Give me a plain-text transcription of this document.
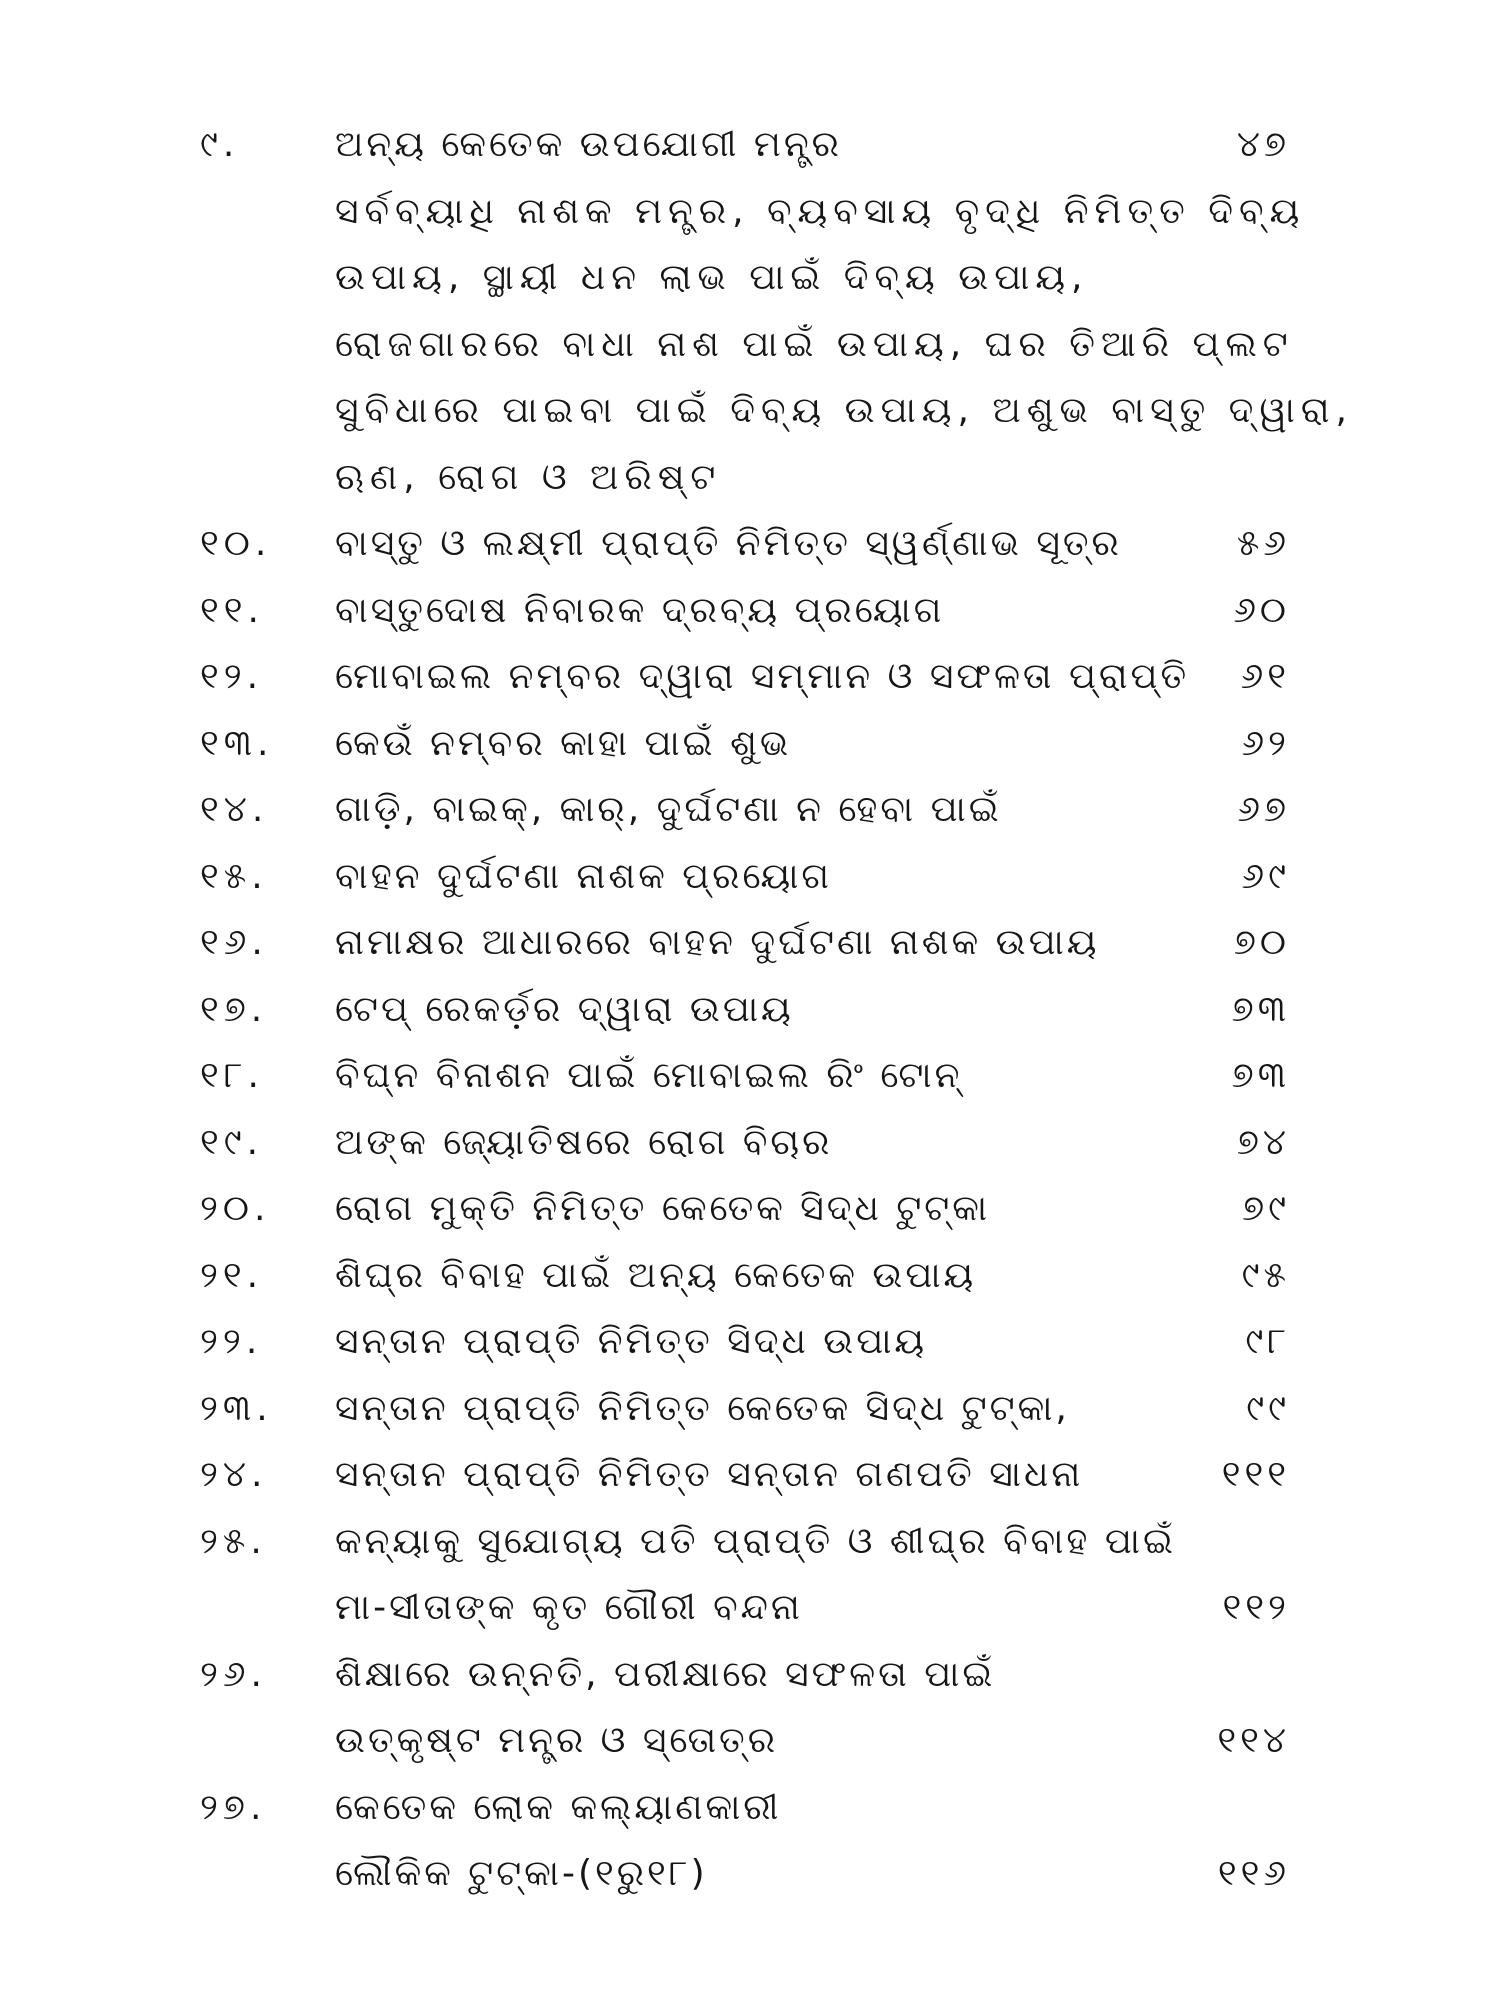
୯.	ଅନ୍ୟ କେତେକ ଉପଯୋଗୀ ମନ୍ତ୍ର	୪୭
ସର୍ବବ୍ୟାଧି ନାଶକ ମନ୍ତ୍ର, ବ୍ୟବସାୟ ବୃଦ୍ଧି ନିମିତ୍ତ ଦିବ୍ୟ
ଉପାୟ, ସ୍ଥାୟୀ ଧନ ଲାଭ ପାଇଁ ଦିବ୍ୟ ଉପାୟ,
ରୋଜଗାରରେ ବାଧା ନାଶ ପାଇଁ ଉପାୟ, ଘର ତିଆରି ପ୍ଲଟ
ସୁବିଧାରେ ପାଇବା ପାଇଁ ଦିବ୍ୟ ଉପାୟ, ଅଶୁଭ ବାସ୍ତୁ ଦ୍ୱାରା,
ଋଣ, ରୋଗ ଓ ଅରିଷ୍ଟ
୧୦. ବାସ୍ତୁ ଓ ଲକ୍ଷ୍ମୀ ପ୍ରାପ୍ତି ନିମିତ୍ତ ସ୍ୱର୍ଣ୍ଣାଭ ସୂତ୍ର	୫୬
୧୧. ବାସ୍ତୁଦୋଷ ନିବାରକ ଦ୍ରବ୍ୟ ପ୍ରୟୋଗ	୬୦
୧୨. ମୋବାଇଲ ନମ୍ବର ଦ୍ୱାରା ସମ୍ମାନ ଓ ସଫଳତା ପ୍ରାପ୍ତି ୬୧
୧୩. କେଉଁ ନମ୍ବର କାହା ପାଇଁ ଶୁଭ	୬୨
୧୪. ଗାଡ଼ି, ବାଇକ୍, କାର୍, ଦୁର୍ଘଟଣା ନ ହେବା ପାଇଁ	୬୭
୧୫. ବାହନ ଦୁର୍ଘଟଣା ନାଶକ ପ୍ରୟୋଗ	୬୯
୧୬. ନାମାକ୍ଷର ଆଧାରରେ ବାହନ ଦୁର୍ଘଟଣା ନାଶକ ଉପାୟ	୭୦
୧୭. ଟେପ୍ ରେକର୍ଡ଼ର ଦ୍ୱାରା ଉପାୟ	୭୩
୧୮. ବିଘ୍ନ ବିନାଶନ ପାଇଁ ମୋବାଇଲ ରିଂ ଟୋନ୍	୭୩
୧୯. ଅଙ୍କ ଜ୍ୟୋତିଷରେ ରୋଗ ବିଚାର	୭୪
୨୦. ରୋଗ ମୁକ୍ତି ନିମିତ୍ତ କେତେକ ସିଦ୍ଧ ଟୁଟ୍‌କା	୭୯
୨୧. ଶିଘ୍ର ବିବାହ ପାଇଁ ଅନ୍ୟ କେତେକ ଉପାୟ	୯୫
୨୨. ସନ୍ତାନ ପ୍ରାପ୍ତି ନିମିତ୍ତ ସିଦ୍ଧ ଉପାୟ	୯୮
୨୩. ସନ୍ତାନ ପ୍ରାପ୍ତି ନିମିତ୍ତ କେତେକ ସିଦ୍ଧ ଟୁଟ୍‌କା,	୯୯
୨୪. ସନ୍ତାନ ପ୍ରାପ୍ତି ନିମିତ୍ତ ସନ୍ତାନ ଗଣପତି ସାଧନା	୧୧୧
୨୫. କନ୍ୟାକୁ ସୁଯୋଗ୍ୟ ପତି ପ୍ରାପ୍ତି ଓ ଶୀଘ୍ର ବିବାହ ପାଇଁ
ମା-ସୀତାଙ୍କ କୃତ ଗୌରୀ ବନ୍ଦନା	୧୧୨
୨୬. ଶିକ୍ଷାରେ ଉନ୍ନତି, ପରୀକ୍ଷାରେ ସଫଳତା ପାଇଁ
ଉତ୍କୃଷ୍ଟ ମନ୍ତ୍ର ଓ ସ୍ତୋତ୍ର	୧୧୪
୨୭. କେତେକ ଲୋକ କଲ୍ୟାଣକାରୀ
ଲୌକିକ ଟୁଟ୍‌କା-(୧ରୁ୧୮)	୧୧୬
